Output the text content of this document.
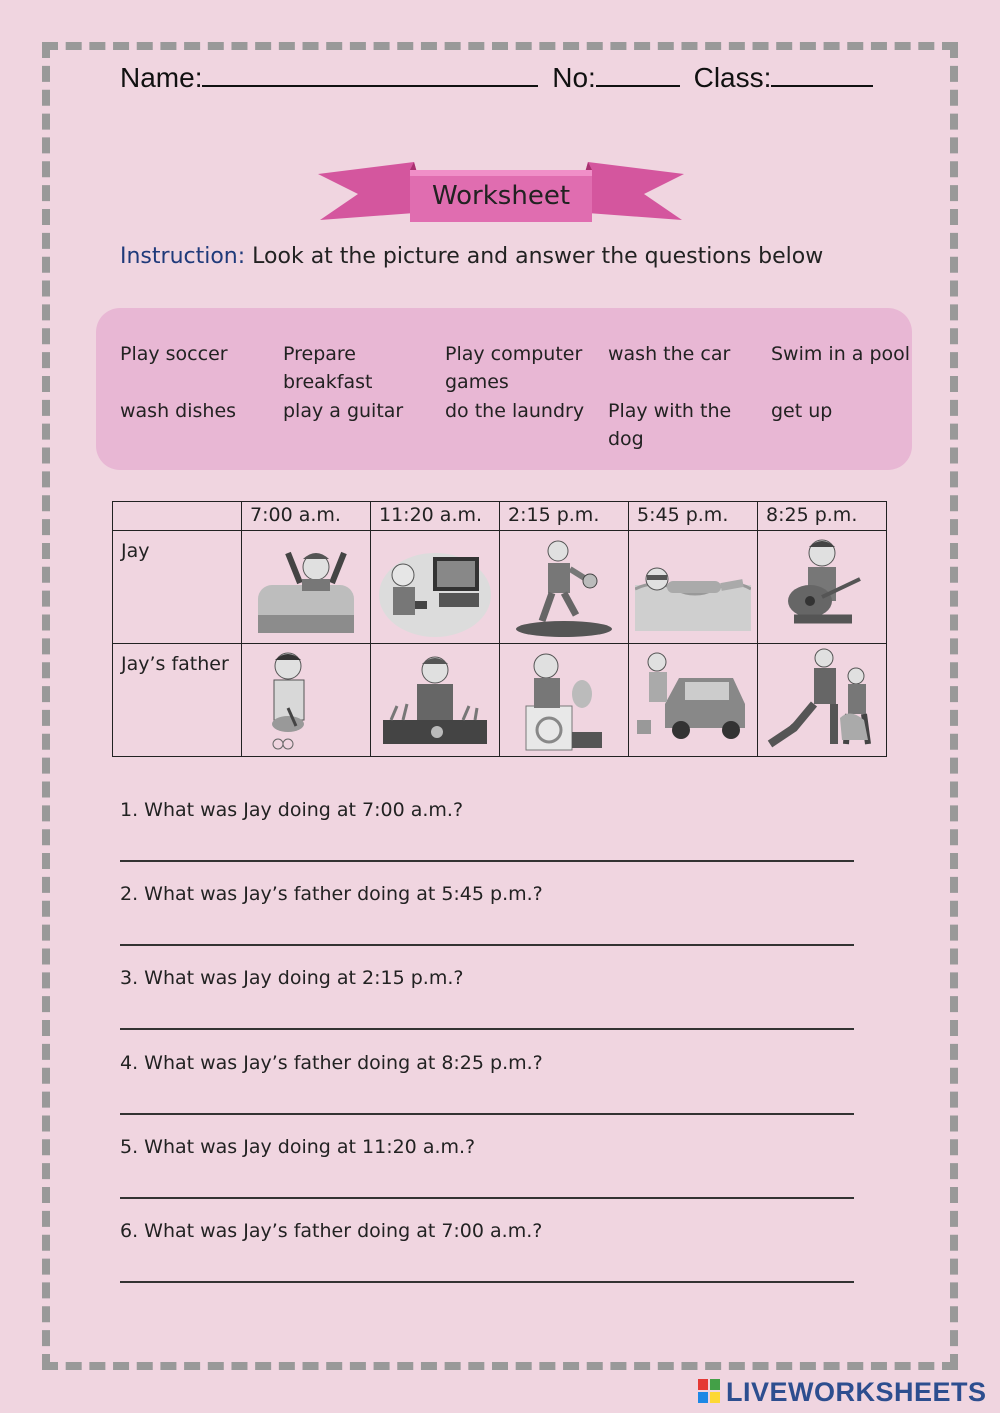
Name:	No:	Class:
Worksheet
Instruction: Look at the picture and answer the questions below
Play soccer	Prepare breakfast
Play computer games
wash the car	Swim in a pool
wash dishes	play a guitar	do the laundry	Play with the dog
get up

	7:00 a.m.	11:20 a.m.	2:15 p.m.	5:45 p.m.	8:25 p.m.

Jay	

Jay’s father	

1. What was Jay doing at 7:00 a.m.?
2. What was Jay’s father doing at 5:45 p.m.?
3. What was Jay doing at 2:15 p.m.?
4. What was Jay’s father doing at 8:25 p.m.?
5. What was Jay doing at 11:20 a.m.?
6. What was Jay’s father doing at 7:00 a.m.?
LIVEWORKSHEETS
